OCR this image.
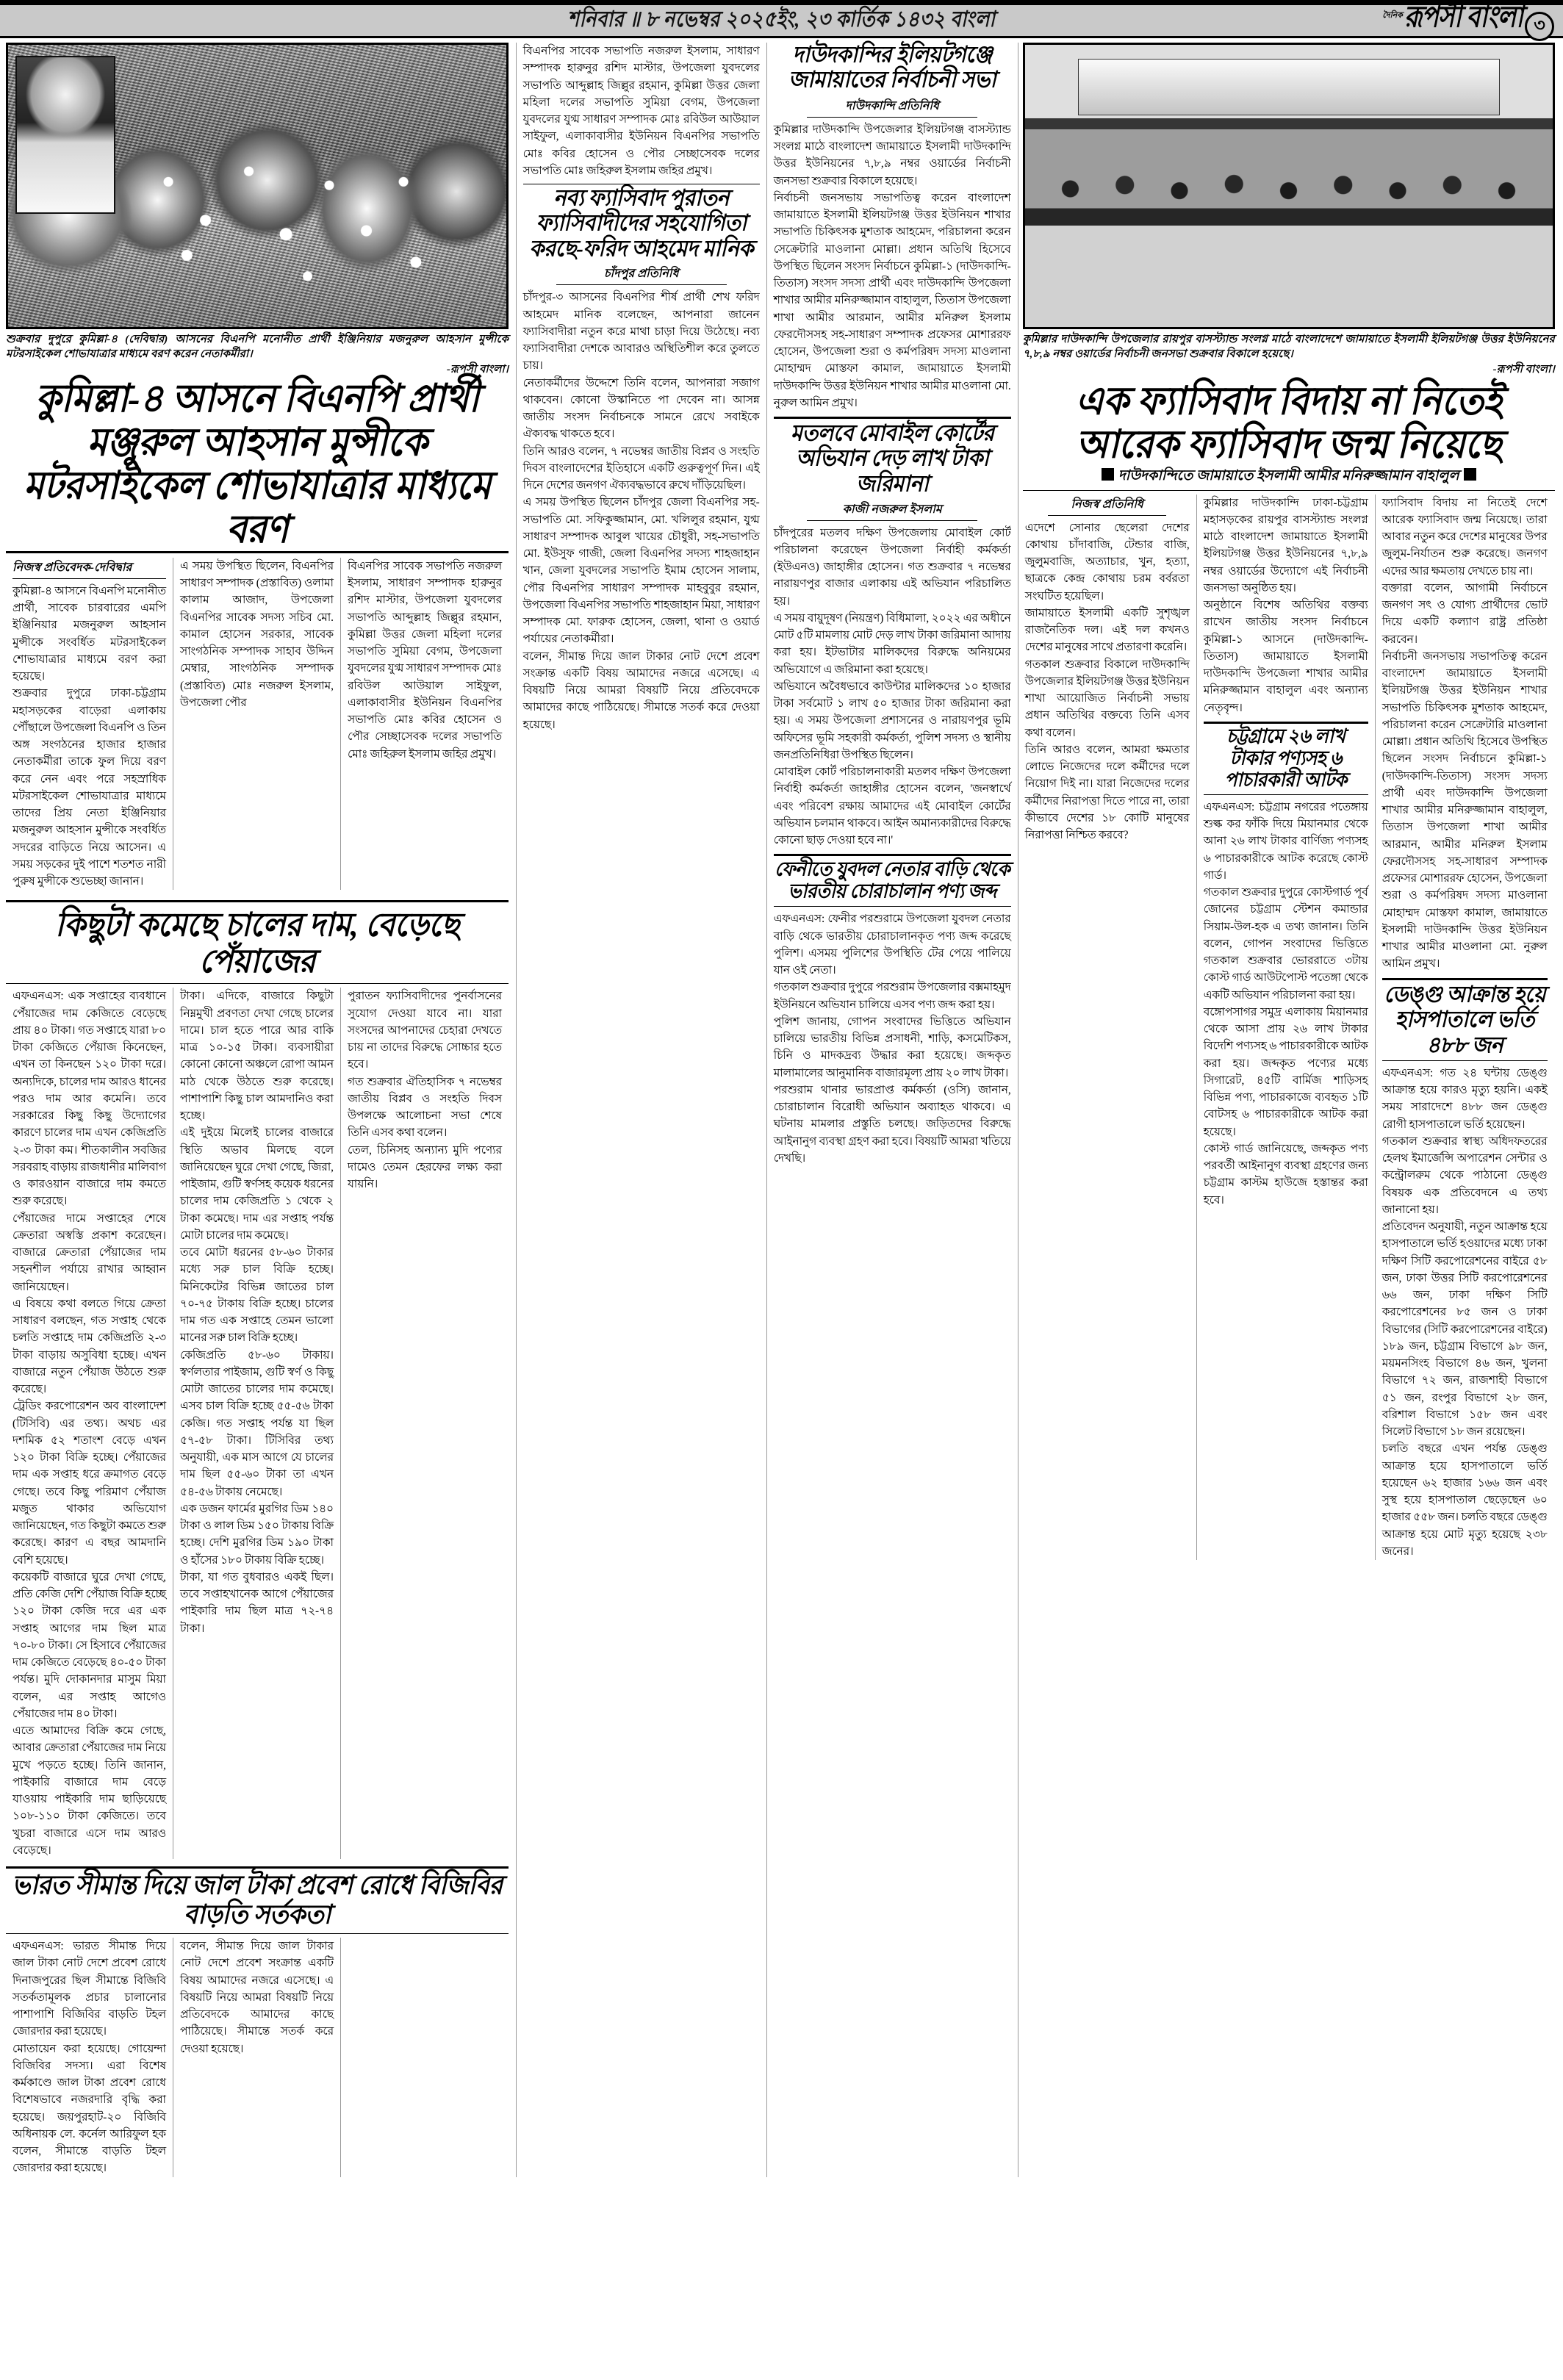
শনিবার ॥ ৮ নভেম্বর ২০২৫ইং, ২৩ কার্তিক ১৪৩২ বাংলা	দৈনিক রূপসী বাংলা ৩
শুক্রবার দুপুরে কুমিল্লা-৪ (দেবিদ্বার) আসনের বিএনপি মনোনীত প্রার্থী ইঞ্জিনিয়ার মজনুরুল আহসান মুন্সীকে মটরসাইকেল শোভাযাত্রার মাধ্যমে বরণ করেন নেতাকর্মীরা।
-রূপসী বাংলা।
কুমিল্লা-৪ আসনে বিএনপি প্রার্থী মঞ্জুরুল আহসান মুন্সীকে মটরসাইকেল শোভাযাত্রার মাধ্যমে বরণ
নিজস্ব প্রতিবেদক-দেবিদ্বার

কুমিল্লা-৪ আসনে বিএনপি মনোনীত প্রার্থী, সাবেক চারবারের এমপি ইঞ্জিনিয়ার মজনুরুল আহসান মুন্সীকে সংবর্ধিত মটরসাইকেল শোভাযাত্রার মাধ্যমে বরণ করা হয়েছে।

শুক্রবার দুপুরে ঢাকা-চট্টগ্রাম মহাসড়কের বাড়েরা এলাকায় পৌঁছালে উপজেলা বিএনপি ও তিন অঙ্গ সংগঠনের হাজার হাজার নেতাকর্মীরা তাকে ফুল দিয়ে বরণ করে নেন এবং পরে সহস্রাধিক মটরসাইকেল শোভাযাত্রার মাধ্যমে তাদের প্রিয় নেতা ইঞ্জিনিয়ার মজনুরুল আহসান মুন্সীকে সংবর্ধিত সদরের বাড়িতে নিয়ে আসেন। এ সময় সড়কের দুই পাশে শতশত নারী পুরুষ মুন্সীকে শুভেচ্ছা জানান।

এ সময় উপস্থিত ছিলেন, বিএনপির সাধারণ সম্পাদক (প্রস্তাবিত) ওলামা কালাম আজাদ, উপজেলা বিএনপির সাবেক সদস্য সচিব মো. কামাল হোসেন সরকার, সাবেক সাংগঠনিক সম্পাদক সাহাব উদ্দিন মেম্বার, সাংগঠনিক সম্পাদক (প্রস্তাবিত) মোঃ নজরুল ইসলাম, উপজেলা পৌর

বিএনপির সাবেক সভাপতি নজরুল ইসলাম, সাধারণ সম্পাদক হারুনুর রশিদ মাস্টার, উপজেলা যুবদলের সভাপতি আব্দুল্লাহ জিল্লুর রহমান, কুমিল্লা উত্তর জেলা মহিলা দলের সভাপতি সুমিয়া বেগম, উপজেলা যুবদলের যুগ্ম সাধারণ সম্পাদক মোঃ রবিউল আউয়াল সাইফুল, এলাকাবাসীর ইউনিয়ন বিএনপির সভাপতি মোঃ কবির হোসেন ও পৌর সেচ্ছাসেবক দলের সভাপতি মোঃ জহিরুল ইসলাম জহির প্রমুখ।

কিছুটা কমেছে চালের দাম, বেড়েছে পেঁয়াজের

এফএনএস: এক সপ্তাহের ব্যবধানে পেঁয়াজের দাম কেজিতে বেড়েছে প্রায় ৪০ টাকা। গত সপ্তাহে যারা ৮০ টাকা কেজিতে পেঁয়াজ কিনেছেন, এখন তা কিনছেন ১২০ টাকা দরে। অন্যদিকে, চালের দাম আরও ধানের পরও দাম আর কমেনি। তবে সরকারের কিছু কিছু উদ্যোগের কারণে চালের দাম এখন কেজিপ্রতি ২-৩ টাকা কম। শীতকালীন সবজির সরবরাহ বাড়ায় রাজধানীর মালিবাগ ও কারওয়ান বাজারে দাম কমতে শুরু করেছে।

পেঁয়াজের দামে সপ্তাহের শেষে ক্রেতারা অস্বস্তি প্রকাশ করেছেন। বাজারে ক্রেতারা পেঁয়াজের দাম সহনশীল পর্যায়ে রাখার আহ্বান জানিয়েছেন।

এ বিষয়ে কথা বলতে গিয়ে ক্রেতা সাধারণ বলছেন, গত সপ্তাহ থেকে চলতি সপ্তাহে দাম কেজিপ্রতি ২-৩ টাকা বাড়ায় অসুবিধা হচ্ছে। এখন বাজারে নতুন পেঁয়াজ উঠতে শুরু করেছে।

ট্রেডিং করপোরেশন অব বাংলাদেশ (টিসিবি) এর তথ্য। অথচ এর দশমিক ৫২ শতাংশ বেড়ে এখন ১২০ টাকা বিক্রি হচ্ছে। পেঁয়াজের দাম এক সপ্তাহ ধরে ক্রমাগত বেড়ে গেছে। তবে কিছু পরিমাণ পেঁয়াজ মজুত থাকার অভিযোগ জানিয়েছেন, গত কিছুটা কমতে শুরু করেছে। কারণ এ বছর আমদানি বেশি হয়েছে।

কয়েকটি বাজারে ঘুরে দেখা গেছে, প্রতি কেজি দেশি পেঁয়াজ বিক্রি হচ্ছে ১২০ টাকা কেজি দরে এর এক সপ্তাহ আগের দাম ছিল মাত্র ৭০-৮০ টাকা। সে হিসাবে পেঁয়াজের দাম কেজিতে বেড়েছে ৪০-৫০ টাকা পর্যন্ত। মুদি দোকানদার মাসুম মিয়া বলেন, এর সপ্তাহ আগেও পেঁয়াজের দাম ৪০ টাকা।

এতে আমাদের বিক্রি কমে গেছে, আবার ক্রেতারা পেঁয়াজের দাম নিয়ে মুখে পড়তে হচ্ছে। তিনি জানান, পাইকারি বাজারে দাম বেড়ে যাওয়ায় পাইকারি দাম ছাড়িয়েছে ১০৮-১১০ টাকা কেজিতে। তবে খুচরা বাজারে এসে দাম আরও বেড়েছে।

টাকা। এদিকে, বাজারে কিছুটা নিম্নমুখী প্রবণতা দেখা গেছে চালের দামে। চাল হতে পারে আর বাকি মাত্র ১০-১৫ টাকা। ব্যবসায়ীরা কোনো কোনো অঞ্চলে রোপা আমন মাঠ থেকে উঠতে শুরু করেছে। পাশাপাশি কিছু চাল আমদানিও করা হচ্ছে।

এই দুইয়ে মিলেই চালের বাজারে স্থিতি অভাব মিলছে বলে জানিয়েছেন ঘুরে দেখা গেছে, জিরা, পাইজাম, গুটি স্বর্ণসহ কয়েক ধরনের চালের দাম কেজিপ্রতি ১ থেকে ২ টাকা কমেছে। দাম এর সপ্তাহ পর্যন্ত মোটা চালের দাম কমেছে।

তবে মোটা ধরনের ৫৮-৬০ টাকার মধ্যে সরু চাল বিক্রি হচ্ছে। মিনিকেটের বিভিন্ন জাতের চাল ৭০-৭৫ টাকায় বিক্রি হচ্ছে। চালের দাম গত এক সপ্তাহে তেমন ভালো মানের সরু চাল বিক্রি হচ্ছে।

কেজিপ্রতি ৫৮-৬০ টাকায়। স্বর্ণলতার পাইজাম, গুটি স্বর্ণ ও কিছু মোটা জাতের চালের দাম কমেছে। এসব চাল বিক্রি হচ্ছে ৫৫-৫৬ টাকা কেজি। গত সপ্তাহ পর্যন্ত যা ছিল ৫৭-৫৮ টাকা। টিসিবির তথ্য অনুযায়ী, এক মাস আগে যে চালের দাম ছিল ৫৫-৬০ টাকা তা এখন ৫৪-৫৬ টাকায় নেমেছে।

এক ডজন ফার্মের মুরগির ডিম ১৪০ টাকা ও লাল ডিম ১৫০ টাকায় বিক্রি হচ্ছে। দেশি মুরগির ডিম ১৯০ টাকা ও হাঁসের ১৮০ টাকায় বিক্রি হচ্ছে।

টাকা, যা গত বুধবারও একই ছিল। তবে সপ্তাহখানেক আগে পেঁয়াজের পাইকারি দাম ছিল মাত্র ৭২-৭৪ টাকা।

পুরাতন ফ্যাসিবাদীদের পুনর্বাসনের সুযোগ দেওয়া যাবে না। যারা সংসদের আপনাদের চেহারা দেখতে চায় না তাদের বিরুদ্ধে সোচ্চার হতে হবে।

গত শুক্রবার ঐতিহাসিক ৭ নভেম্বর জাতীয় বিপ্লব ও সংহতি দিবস উপলক্ষে আলোচনা সভা শেষে তিনি এসব কথা বলেন।

তেল, চিনিসহ অন্যান্য মুদি পণ্যের দামেও তেমন হেরফের লক্ষ্য করা যায়নি।

ভারত সীমান্ত দিয়ে জাল টাকা প্রবেশ রোধে বিজিবির বাড়তি সর্তকতা

এফএনএস: ভারত সীমান্ত দিয়ে জাল টাকা নোট দেশে প্রবেশ রোধে দিনাজপুরের ছিল সীমান্তে বিজিবি সতর্কতামূলক প্রচার চালানোর পাশাপাশি বিজিবির বাড়তি টহল জোরদার করা হয়েছে।

মোতায়েন করা হয়েছে। গোয়েন্দা বিজিবির সদস্য। এরা বিশেষ কর্মকাণ্ডে জাল টাকা প্রবেশ রোধে বিশেষভাবে নজরদারি বৃদ্ধি করা হয়েছে। জয়পুরহাট-২০ বিজিবি অধিনায়ক লে. কর্নেল আরিফুল হক বলেন, সীমান্তে বাড়তি টহল জোরদার করা হয়েছে।

বলেন, সীমান্ত দিয়ে জাল টাকার নোট দেশে প্রবেশ সংক্রান্ত একটি বিষয় আমাদের নজরে এসেছে। এ বিষয়টি নিয়ে আমরা বিষয়টি নিয়ে প্রতিবেদকে আমাদের কাছে পাঠিয়েছে। সীমান্তে সতর্ক করে দেওয়া হয়েছে।

বিএনপির সাবেক সভাপতি নজরুল ইসলাম, সাধারণ সম্পাদক হারুনুর রশিদ মাস্টার, উপজেলা যুবদলের সভাপতি আব্দুল্লাহ জিল্লুর রহমান, কুমিল্লা উত্তর জেলা মহিলা দলের সভাপতি সুমিয়া বেগম, উপজেলা যুবদলের যুগ্ম সাধারণ সম্পাদক মোঃ রবিউল আউয়াল সাইফুল, এলাকাবাসীর ইউনিয়ন বিএনপির সভাপতি মোঃ কবির হোসেন ও পৌর সেচ্ছাসেবক দলের সভাপতি মোঃ জহিরুল ইসলাম জহির প্রমুখ।

নব্য ফ্যাসিবাদ পুরাতন ফ্যাসিবাদীদের সহযোগিতা করছে-ফরিদ আহমেদ মানিক
চাঁদপুর প্রতিনিধি

চাঁদপুর-৩ আসনের বিএনপির শীর্ষ প্রার্থী শেখ ফরিদ আহমেদ মানিক বলেছেন, আপনারা জানেন ফ্যাসিবাদীরা নতুন করে মাথা চাড়া দিয়ে উঠেছে। নব্য ফ্যাসিবাদীরা দেশকে আবারও অস্থিতিশীল করে তুলতে চায়।

নেতাকর্মীদের উদ্দেশে তিনি বলেন, আপনারা সজাগ থাকবেন। কোনো উস্কানিতে পা দেবেন না। আসন্ন জাতীয় সংসদ নির্বাচনকে সামনে রেখে সবাইকে ঐক্যবদ্ধ থাকতে হবে।

তিনি আরও বলেন, ৭ নভেম্বর জাতীয় বিপ্লব ও সংহতি দিবস বাংলাদেশের ইতিহাসে একটি গুরুত্বপূর্ণ দিন। এই দিনে দেশের জনগণ ঐক্যবদ্ধভাবে রুখে দাঁড়িয়েছিল।

এ সময় উপস্থিত ছিলেন চাঁদপুর জেলা বিএনপির সহ-সভাপতি মো. সফিকুজ্জামান, মো. খলিলুর রহমান, যুগ্ম সাধারণ সম্পাদক আবুল খায়ের চৌধুরী, সহ-সভাপতি মো. ইউসুফ গাজী, জেলা বিএনপির সদস্য শাহজাহান খান, জেলা যুবদলের সভাপতি ইমাম হোসেন সালাম, পৌর বিএনপির সাধারণ সম্পাদক মাহবুবুর রহমান, উপজেলা বিএনপির সভাপতি শাহজাহান মিয়া, সাধারণ সম্পাদক মো. ফারুক হোসেন, জেলা, থানা ও ওয়ার্ড পর্যায়ের নেতাকর্মীরা।

বলেন, সীমান্ত দিয়ে জাল টাকার নোট দেশে প্রবেশ সংক্রান্ত একটি বিষয় আমাদের নজরে এসেছে। এ বিষয়টি নিয়ে আমরা বিষয়টি নিয়ে প্রতিবেদকে আমাদের কাছে পাঠিয়েছে। সীমান্তে সতর্ক করে দেওয়া হয়েছে।

দাউদকান্দির ইলিয়টগঞ্জে জামায়াতের নির্বাচনী সভা
দাউদকান্দি প্রতিনিধি

কুমিল্লার দাউদকান্দি উপজেলার ইলিয়টগঞ্জ বাসস্ট্যান্ড সংলগ্ন মাঠে বাংলাদেশ জামায়াতে ইসলামী দাউদকান্দি উত্তর ইউনিয়নের ৭,৮,৯ নম্বর ওয়ার্ডের নির্বাচনী জনসভা শুক্রবার বিকালে হয়েছে।

নির্বাচনী জনসভায় সভাপতিত্ব করেন বাংলাদেশ জামায়াতে ইসলামী ইলিয়টগঞ্জ উত্তর ইউনিয়ন শাখার সভাপতি চিকিৎসক মুশতাক আহমেদ, পরিচালনা করেন সেক্রেটারি মাওলানা মোল্লা। প্রধান অতিথি হিসেবে উপস্থিত ছিলেন সংসদ নির্বাচনে কুমিল্লা-১ (দাউদকান্দি-তিতাস) সংসদ সদস্য প্রার্থী এবং দাউদকান্দি উপজেলা শাখার আমীর মনিরুজ্জামান বাহালুল, তিতাস উপজেলা শাখা আমীর আরমান, আমীর মনিরুল ইসলাম ফেরদৌসসহ সহ-সাধারণ সম্পাদক প্রফেসর মোশাররফ হোসেন, উপজেলা শুরা ও কর্মপরিষদ সদস্য মাওলানা মোহাম্মদ মোস্তফা কামাল, জামায়াতে ইসলামী দাউদকান্দি উত্তর ইউনিয়ন শাখার আমীর মাওলানা মো. নুরুল আমিন প্রমুখ।

মতলবে মোবাইল কোর্টের অভিযান দেড় লাখ টাকা জরিমানা
কাজী নজরুল ইসলাম

চাঁদপুরের মতলব দক্ষিণ উপজেলায় মোবাইল কোর্ট পরিচালনা করেছেন উপজেলা নির্বাহী কর্মকর্তা (ইউএনও) জাহাঙ্গীর হোসেন। গত শুক্রবার ৭ নভেম্বর নারায়ণপুর বাজার এলাকায় এই অভিযান পরিচালিত হয়।

এ সময় বায়ুদূষণ (নিয়ন্ত্রণ) বিধিমালা, ২০২২ এর অধীনে মোট ৫টি মামলায় মোট দেড় লাখ টাকা জরিমানা আদায় করা হয়। ইটভাটার মালিকদের বিরুদ্ধে অনিয়মের অভিযোগে এ জরিমানা করা হয়েছে।

অভিযানে অবৈধভাবে কাউন্টার মালিকদের ১০ হাজার টাকা সর্বমোট ১ লাখ ৫০ হাজার টাকা জরিমানা করা হয়। এ সময় উপজেলা প্রশাসনের ও নারায়ণপুর ভূমি অফিসের ভূমি সহকারী কর্মকর্তা, পুলিশ সদস্য ও স্থানীয় জনপ্রতিনিধিরা উপস্থিত ছিলেন।

মোবাইল কোর্ট পরিচালনাকারী মতলব দক্ষিণ উপজেলা নির্বাহী কর্মকর্তা জাহাঙ্গীর হোসেন বলেন, 'জনস্বার্থে এবং পরিবেশ রক্ষায় আমাদের এই মোবাইল কোর্টের অভিযান চলমান থাকবে। আইন অমান্যকারীদের বিরুদ্ধে কোনো ছাড় দেওয়া হবে না।'

ফেনীতে যুবদল নেতার বাড়ি থেকে ভারতীয় চোরাচালান পণ্য জব্দ

এফএনএস: ফেনীর পরশুরামে উপজেলা যুবদল নেতার বাড়ি থেকে ভারতীয় চোরাচালানকৃত পণ্য জব্দ করেছে পুলিশ। এসময় পুলিশের উপস্থিতি টের পেয়ে পালিয়ে যান ওই নেতা।

গতকাল শুক্রবার দুপুরে পরশুরাম উপজেলার বক্সমাহমুদ ইউনিয়নে অভিযান চালিয়ে এসব পণ্য জব্দ করা হয়।

পুলিশ জানায়, গোপন সংবাদের ভিত্তিতে অভিযান চালিয়ে ভারতীয় বিভিন্ন প্রসাধনী, শাড়ি, কসমেটিকস, চিনি ও মাদকদ্রব্য উদ্ধার করা হয়েছে। জব্দকৃত মালামালের আনুমানিক বাজারমূল্য প্রায় ২০ লাখ টাকা।

পরশুরাম থানার ভারপ্রাপ্ত কর্মকর্তা (ওসি) জানান, চোরাচালান বিরোধী অভিযান অব্যাহত থাকবে। এ ঘটনায় মামলার প্রস্তুতি চলছে। জড়িতদের বিরুদ্ধে আইনানুগ ব্যবস্থা গ্রহণ করা হবে। বিষয়টি আমরা খতিয়ে দেখছি।

কুমিল্লার দাউদকান্দি উপজেলার রায়পুর বাসস্ট্যান্ড সংলগ্ন মাঠে বাংলাদেশে জামায়াতে ইসলামী ইলিয়টগঞ্জ উত্তর ইউনিয়নের ৭,৮,৯ নম্বর ওয়ার্ডের নির্বাচনী জনসভা শুক্রবার বিকালে হয়েছে।
-রূপসী বাংলা।
এক ফ্যাসিবাদ বিদায় না নিতেই আরেক ফ্যাসিবাদ জন্ম নিয়েছে
দাউদকান্দিতে জামায়াতে ইসলামী আমীর মনিরুজ্জামান বাহালুল
নিজস্ব প্রতিনিধি

এদেশে সোনার ছেলেরা দেশের কোথায় চাঁদাবাজি, টেন্ডার বাজি, জুলুমবাজি, অত্যাচার, খুন, হত্যা, ছাত্রকে কেন্দ্র কোথায় চরম বর্বরতা সংঘটিত হয়েছিল।

জামায়াতে ইসলামী একটি সুশৃঙ্খল রাজনৈতিক দল। এই দল কখনও দেশের মানুষের সাথে প্রতারণা করেনি।

গতকাল শুক্রবার বিকালে দাউদকান্দি উপজেলার ইলিয়টগঞ্জ উত্তর ইউনিয়ন শাখা আয়োজিত নির্বাচনী সভায় প্রধান অতিথির বক্তব্যে তিনি এসব কথা বলেন।

তিনি আরও বলেন, আমরা ক্ষমতার লোভে নিজেদের দলে কর্মীদের দলে নিয়োগ দিই না। যারা নিজেদের দলের কর্মীদের নিরাপত্তা দিতে পারে না, তারা কীভাবে দেশের ১৮ কোটি মানুষের নিরাপত্তা নিশ্চিত করবে?

কুমিল্লার দাউদকান্দি ঢাকা-চট্টগ্রাম মহাসড়কের রায়পুর বাসস্ট্যান্ড সংলগ্ন মাঠে বাংলাদেশ জামায়াতে ইসলামী ইলিয়টগঞ্জ উত্তর ইউনিয়নের ৭,৮,৯ নম্বর ওয়ার্ডের উদ্যোগে এই নির্বাচনী জনসভা অনুষ্ঠিত হয়।

অনুষ্ঠানে বিশেষ অতিথির বক্তব্য রাখেন জাতীয় সংসদ নির্বাচনে কুমিল্লা-১ আসনে (দাউদকান্দি-তিতাস) জামায়াতে ইসলামী দাউদকান্দি উপজেলা শাখার আমীর মনিরুজ্জামান বাহালুল এবং অন্যান্য নেতৃবৃন্দ।

চট্টগ্রামে ২৬ লাখ টাকার পণ্যসহ ৬ পাচারকারী আটক

এফএনএস: চট্টগ্রাম নগরের পতেঙ্গায় শুল্ক কর ফাঁকি দিয়ে মিয়ানমার থেকে আনা ২৬ লাখ টাকার বার্ণিজ্য পণ্যসহ ৬ পাচারকারীকে আটক করেছে কোস্ট গার্ড।

গতকাল শুক্রবার দুপুরে কোস্টগার্ড পূর্ব জোনের চট্টগ্রাম স্টেশন কমান্ডার সিয়াম-উল-হক এ তথ্য জানান। তিনি বলেন, গোপন সংবাদের ভিত্তিতে গতকাল শুক্রবার ভোররাতে ৩টায় কোস্ট গার্ড আউটপোস্ট পতেঙ্গা থেকে একটি অভিযান পরিচালনা করা হয়।

বঙ্গোপসাগর সমুদ্র এলাকায় মিয়ানমার থেকে আসা প্রায় ২৬ লাখ টাকার বিদেশি পণ্যসহ ৬ পাচারকারীকে আটক করা হয়। জব্দকৃত পণ্যের মধ্যে সিগারেট, ৪৫টি বার্মিজ শাড়িসহ বিভিন্ন পণ্য, পাচারকাজে ব্যবহৃত ১টি বোটসহ ৬ পাচারকারীকে আটক করা হয়েছে।

কোস্ট গার্ড জানিয়েছে, জব্দকৃত পণ্য পরবর্তী আইনানুগ ব্যবস্থা গ্রহণের জন্য চট্টগ্রাম কাস্টম হাউজে হস্তান্তর করা হবে।

ফ্যাসিবাদ বিদায় না নিতেই দেশে আরেক ফ্যাসিবাদ জন্ম নিয়েছে। তারা আবার নতুন করে দেশের মানুষের উপর জুলুম-নির্যাতন শুরু করেছে। জনগণ এদের আর ক্ষমতায় দেখতে চায় না।

বক্তারা বলেন, আগামী নির্বাচনে জনগণ সৎ ও যোগ্য প্রার্থীদের ভোট দিয়ে একটি কল্যাণ রাষ্ট্র প্রতিষ্ঠা করবেন।

নির্বাচনী জনসভায় সভাপতিত্ব করেন বাংলাদেশ জামায়াতে ইসলামী ইলিয়টগঞ্জ উত্তর ইউনিয়ন শাখার সভাপতি চিকিৎসক মুশতাক আহমেদ, পরিচালনা করেন সেক্রেটারি মাওলানা মোল্লা। প্রধান অতিথি হিসেবে উপস্থিত ছিলেন সংসদ নির্বাচনে কুমিল্লা-১ (দাউদকান্দি-তিতাস) সংসদ সদস্য প্রার্থী এবং দাউদকান্দি উপজেলা শাখার আমীর মনিরুজ্জামান বাহালুল, তিতাস উপজেলা শাখা আমীর আরমান, আমীর মনিরুল ইসলাম ফেরদৌসসহ সহ-সাধারণ সম্পাদক প্রফেসর মোশাররফ হোসেন, উপজেলা শুরা ও কর্মপরিষদ সদস্য মাওলানা মোহাম্মদ মোস্তফা কামাল, জামায়াতে ইসলামী দাউদকান্দি উত্তর ইউনিয়ন শাখার আমীর মাওলানা মো. নুরুল আমিন প্রমুখ।

ডেঙ্গু আক্রান্ত হয়ে হাসপাতালে ভর্তি ৪৮৮ জন

এফএনএস: গত ২৪ ঘন্টায় ডেঙ্গু আক্রান্ত হয়ে কারও মৃত্যু হয়নি। একই সময় সারাদেশে ৪৮৮ জন ডেঙ্গু রোগী হাসপাতালে ভর্তি হয়েছেন।

গতকাল শুক্রবার স্বাস্থ্য অধিদফতরের হেলথ ইমার্জেন্সি অপারেশন সেন্টার ও কন্ট্রোলরুম থেকে পাঠানো ডেঙ্গু বিষয়ক এক প্রতিবেদনে এ তথ্য জানানো হয়।

প্রতিবেদন অনুযায়ী, নতুন আক্রান্ত হয়ে হাসপাতালে ভর্তি হওয়াদের মধ্যে ঢাকা দক্ষিণ সিটি করপোরেশনের বাইরে ৫৮ জন, ঢাকা উত্তর সিটি করপোরেশনের ৬৬ জন, ঢাকা দক্ষিণ সিটি করপোরেশনের ৮৫ জন ও ঢাকা বিভাগের (সিটি করপোরেশনের বাইরে) ১৮৯ জন, চট্টগ্রাম বিভাগে ৯৮ জন, ময়মনসিংহ বিভাগে ৪৬ জন, খুলনা বিভাগে ৭২ জন, রাজশাহী বিভাগে ৫১ জন, রংপুর বিভাগে ২৮ জন, বরিশাল বিভাগে ১৫৮ জন এবং সিলেট বিভাগে ১৮ জন রয়েছেন।

চলতি বছরে এখন পর্যন্ত ডেঙ্গু আক্রান্ত হয়ে হাসপাতালে ভর্তি হয়েছেন ৬২ হাজার ১৬৬ জন এবং সুস্থ হয়ে হাসপাতাল ছেড়েছেন ৬০ হাজার ৫৫৮ জন। চলতি বছরে ডেঙ্গু আক্রান্ত হয়ে মোট মৃত্যু হয়েছে ২৩৮ জনের।
